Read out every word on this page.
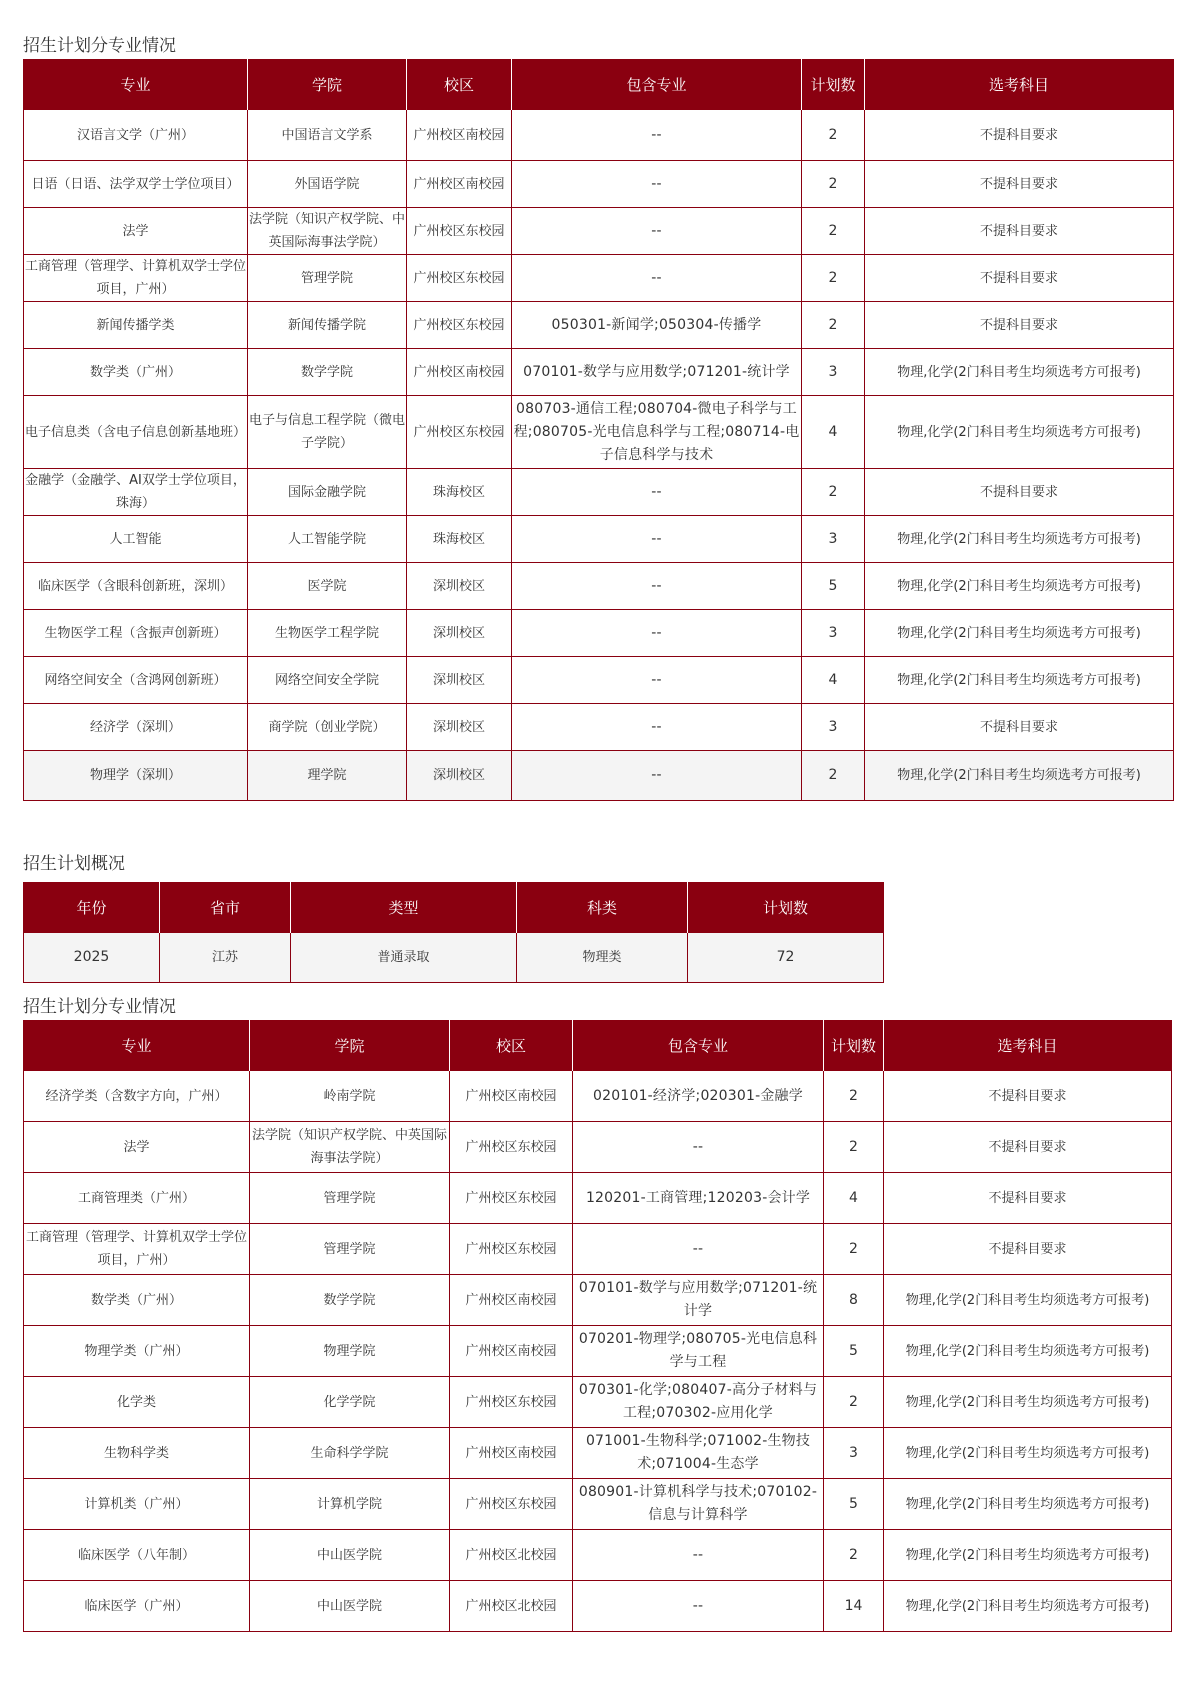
招生计划分专业情况
专业	学院	校区	包含专业	计划数	选考科目
汉语言文学（广州）	中国语言文学系	广州校区南校园	--	2	不提科目要求
日语（日语、法学双学士学位项目）	外国语学院	广州校区南校园	--	2	不提科目要求
法学	法学院（知识产权学院、中英国际海事法学院）	广州校区东校园	--	2	不提科目要求
工商管理（管理学、计算机双学士学位项目，广州）	管理学院	广州校区东校园	--	2	不提科目要求
新闻传播学类	新闻传播学院	广州校区东校园	050301-新闻学;050304-传播学	2	不提科目要求
数学类（广州）	数学学院	广州校区南校园	070101-数学与应用数学;071201-统计学	3	物理,化学(2门科目考生均须选考方可报考)
电子信息类（含电子信息创新基地班）	电子与信息工程学院（微电子学院）	广州校区东校园	080703-通信工程;080704-微电子科学与工程;080705-光电信息科学与工程;080714-电子信息科学与技术	4	物理,化学(2门科目考生均须选考方可报考)
金融学（金融学、AI双学士学位项目，珠海）	国际金融学院	珠海校区	--	2	不提科目要求
人工智能	人工智能学院	珠海校区	--	3	物理,化学(2门科目考生均须选考方可报考)
临床医学（含眼科创新班，深圳）	医学院	深圳校区	--	5	物理,化学(2门科目考生均须选考方可报考)
生物医学工程（含振声创新班）	生物医学工程学院	深圳校区	--	3	物理,化学(2门科目考生均须选考方可报考)
网络空间安全（含鸿网创新班）	网络空间安全学院	深圳校区	--	4	物理,化学(2门科目考生均须选考方可报考)
经济学（深圳）	商学院（创业学院）	深圳校区	--	3	不提科目要求
物理学（深圳）	理学院	深圳校区	--	2	物理,化学(2门科目考生均须选考方可报考)
招生计划概况
年份	省市	类型	科类	计划数
2025	江苏	普通录取	物理类	72
招生计划分专业情况
专业	学院	校区	包含专业	计划数	选考科目
经济学类（含数字方向，广州）	岭南学院	广州校区南校园	020101-经济学;020301-金融学	2	不提科目要求
法学	法学院（知识产权学院、中英国际海事法学院）	广州校区东校园	--	2	不提科目要求
工商管理类（广州）	管理学院	广州校区东校园	120201-工商管理;120203-会计学	4	不提科目要求
工商管理（管理学、计算机双学士学位项目，广州）	管理学院	广州校区东校园	--	2	不提科目要求
数学类（广州）	数学学院	广州校区南校园	070101-数学与应用数学;071201-统计学	8	物理,化学(2门科目考生均须选考方可报考)
物理学类（广州）	物理学院	广州校区南校园	070201-物理学;080705-光电信息科学与工程	5	物理,化学(2门科目考生均须选考方可报考)
化学类	化学学院	广州校区东校园	070301-化学;080407-高分子材料与工程;070302-应用化学	2	物理,化学(2门科目考生均须选考方可报考)
生物科学类	生命科学学院	广州校区南校园	071001-生物科学;071002-生物技术;071004-生态学	3	物理,化学(2门科目考生均须选考方可报考)
计算机类（广州）	计算机学院	广州校区东校园	080901-计算机科学与技术;070102-信息与计算科学	5	物理,化学(2门科目考生均须选考方可报考)
临床医学（八年制）	中山医学院	广州校区北校园	--	2	物理,化学(2门科目考生均须选考方可报考)
临床医学（广州）	中山医学院	广州校区北校园	--	14	物理,化学(2门科目考生均须选考方可报考)
